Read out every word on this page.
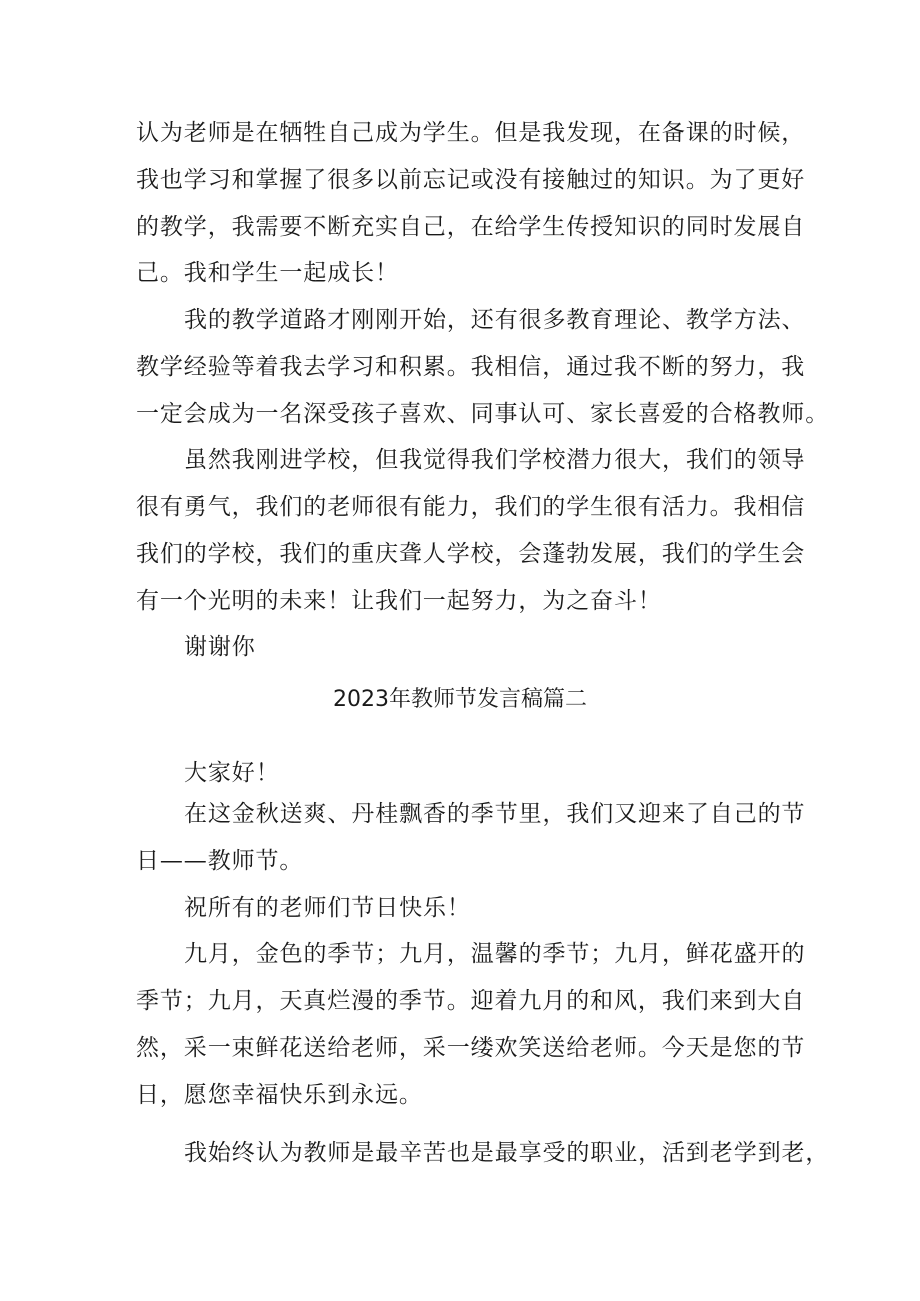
认为老师是在牺牲自己成为学生。但是我发现，在备课的时候，
我也学习和掌握了很多以前忘记或没有接触过的知识。为了更好
的教学，我需要不断充实自己，在给学生传授知识的同时发展自
己。我和学生一起成长！
我的教学道路才刚刚开始，还有很多教育理论、教学方法、
教学经验等着我去学习和积累。我相信，通过我不断的努力，我
一定会成为一名深受孩子喜欢、同事认可、家长喜爱的合格教师。
虽然我刚进学校，但我觉得我们学校潜力很大，我们的领导
很有勇气，我们的老师很有能力，我们的学生很有活力。我相信
我们的学校，我们的重庆聋人学校，会蓬勃发展，我们的学生会
有一个光明的未来！让我们一起努力，为之奋斗！
谢谢你
2023年教师节发言稿篇二
大家好！
在这金秋送爽、丹桂飘香的季节里，我们又迎来了自己的节
日——教师节。
祝所有的老师们节日快乐！
九月，金色的季节；九月，温馨的季节；九月，鲜花盛开的
季节；九月，天真烂漫的季节。迎着九月的和风，我们来到大自
然，采一束鲜花送给老师，采一缕欢笑送给老师。今天是您的节
日，愿您幸福快乐到永远。
我始终认为教师是最辛苦也是最享受的职业，活到老学到老，
